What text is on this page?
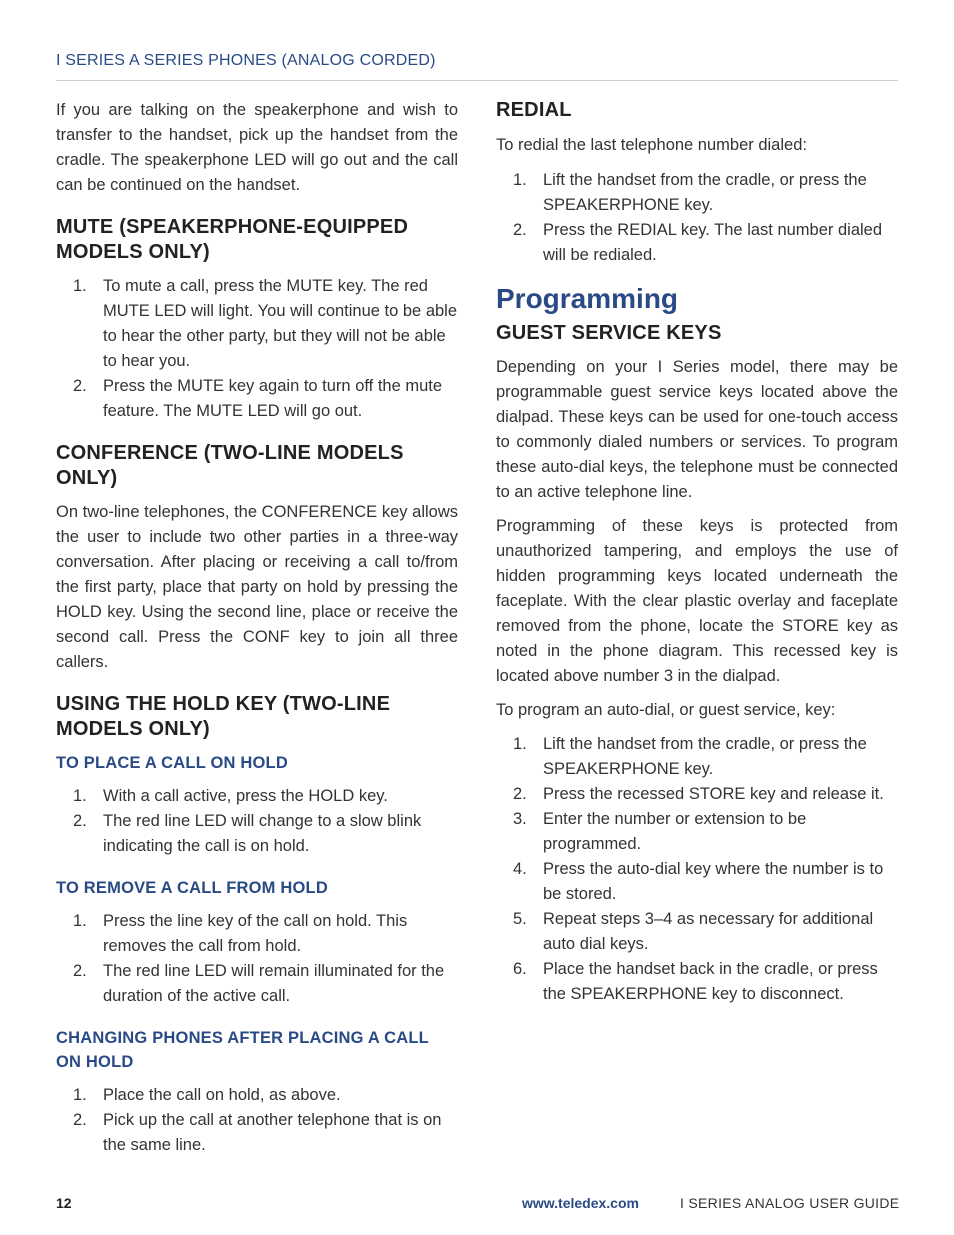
I SERIES A SERIES PHONES (ANALOG CORDED)

If you are talking on the speakerphone and wish to transfer to the handset, pick up the handset from the cradle. The speakerphone LED will go out and the call can be continued on the handset.

MUTE (SPEAKERPHONE-EQUIPPED MODELS ONLY)
1. To mute a call, press the MUTE key. The red MUTE LED will light. You will continue to be able to hear the other party, but they will not be able to hear you.
2. Press the MUTE key again to turn off the mute feature. The MUTE LED will go out.
CONFERENCE (TWO-LINE MODELS ONLY)

On two-line telephones, the CONFERENCE key allows the user to include two other parties in a three-way conversation. After placing or receiving a call to/from the first party, place that party on hold by pressing the HOLD key. Using the second line, place or receive the second call. Press the CONF key to join all three callers.

USING THE HOLD KEY (TWO-LINE MODELS ONLY)
TO PLACE A CALL ON HOLD
1. With a call active, press the HOLD key.
2. The red line LED will change to a slow blink indicating the call is on hold.
TO REMOVE A CALL FROM HOLD
1. Press the line key of the call on hold. This removes the call from hold.
2. The red line LED will remain illuminated for the duration of the active call.
CHANGING PHONES AFTER PLACING A CALL ON HOLD
1. Place the call on hold, as above.
2. Pick up the call at another telephone that is on the same line.
REDIAL

To redial the last telephone number dialed:

1. Lift the handset from the cradle, or press the SPEAKERPHONE key.
2. Press the REDIAL key. The last number dialed will be redialed.
Programming
GUEST SERVICE KEYS

Depending on your I Series model, there may be programmable guest service keys located above the dialpad. These keys can be used for one-touch access to commonly dialed numbers or services. To program these auto-dial keys, the telephone must be connected to an active telephone line.

Programming of these keys is protected from unauthorized tampering, and employs the use of hidden programming keys located underneath the faceplate. With the clear plastic overlay and faceplate removed from the phone, locate the STORE key as noted in the phone diagram. This recessed key is located above number 3 in the dialpad.

To program an auto-dial, or guest service, key:

1. Lift the handset from the cradle, or press the SPEAKERPHONE key.
2. Press the recessed STORE key and release it.
3. Enter the number or extension to be programmed.
4. Press the auto-dial key where the number is to be stored.
5. Repeat steps 3–4 as necessary for additional auto dial keys.
6. Place the handset back in the cradle, or press the SPEAKERPHONE key to disconnect.
12	www.teledex.com	I SERIES ANALOG USER GUIDE
